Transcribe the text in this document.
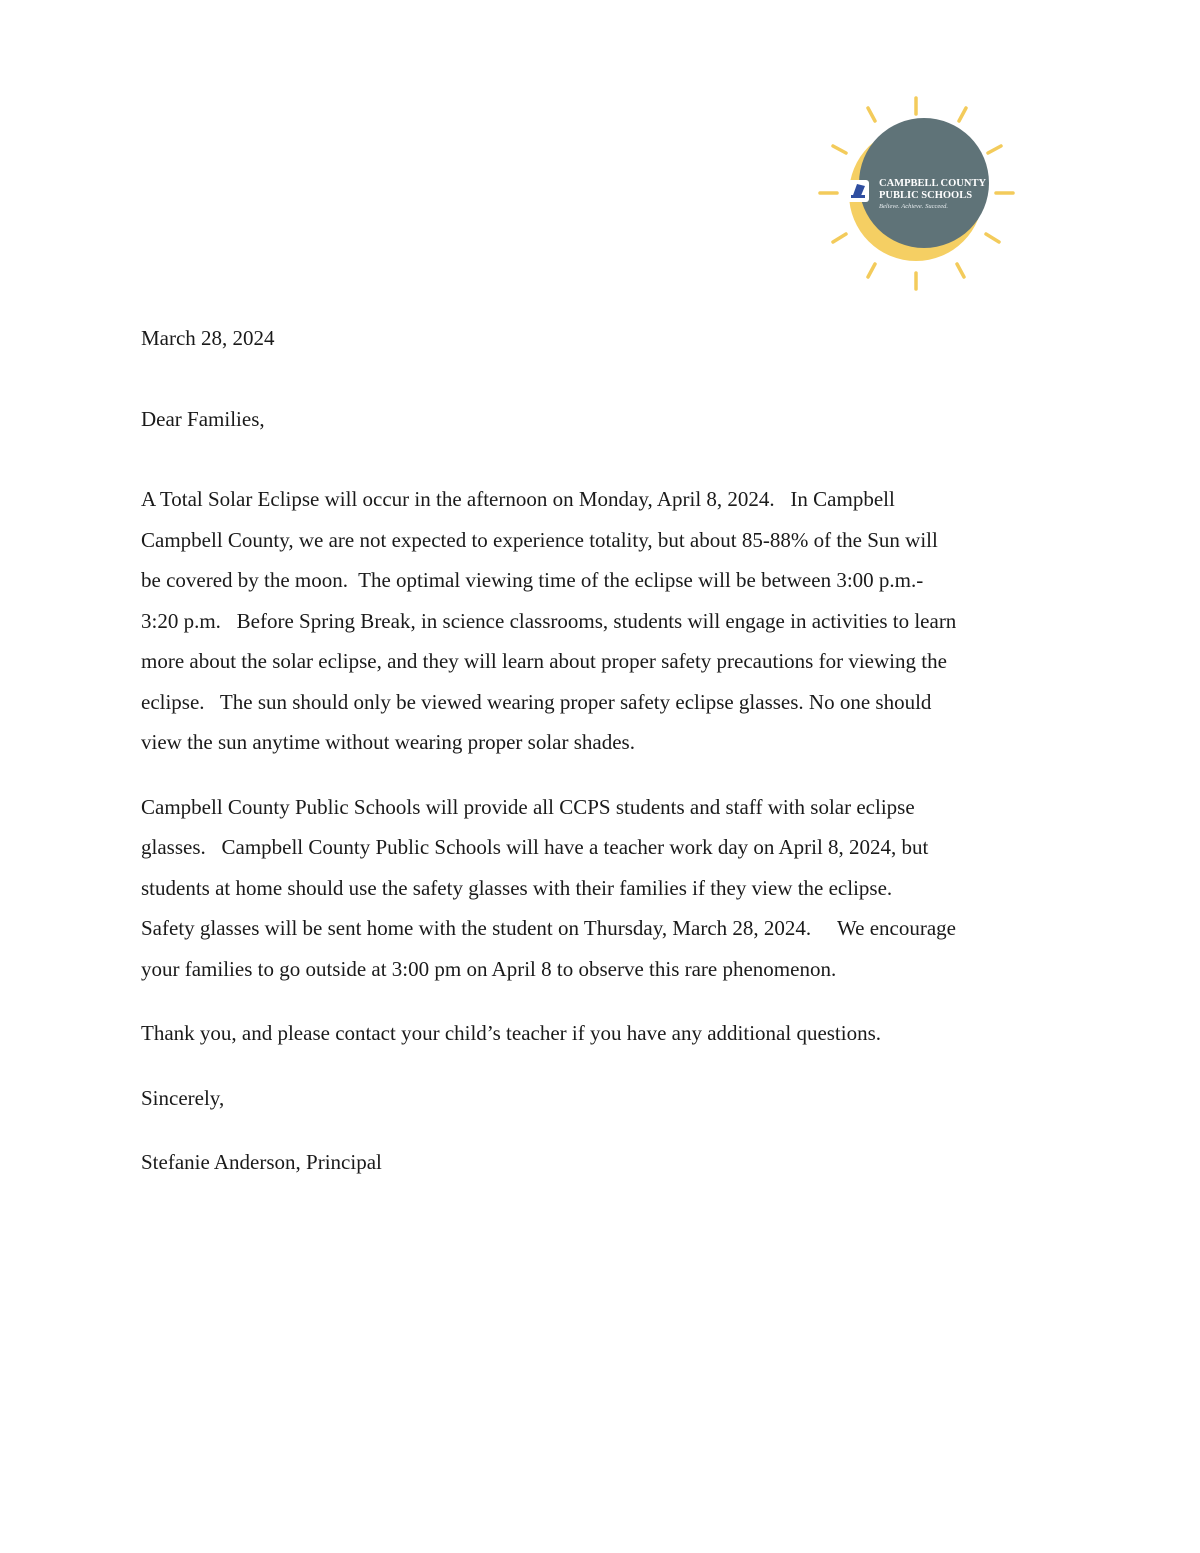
CAMPBELL COUNTY
PUBLIC SCHOOLS
Believe. Achieve. Succeed.

March 28, 2024

Dear Families,

A Total Solar Eclipse will occur in the afternoon on Monday, April 8, 2024.   In Campbell
Campbell County, we are not expected to experience totality, but about 85-88% of the Sun will
be covered by the moon.  The optimal viewing time of the eclipse will be between 3:00 p.m.-
3:20 p.m.   Before Spring Break, in science classrooms, students will engage in activities to learn
more about the solar eclipse, and they will learn about proper safety precautions for viewing the
eclipse.   The sun should only be viewed wearing proper safety eclipse glasses. No one should
view the sun anytime without wearing proper solar shades.

Campbell County Public Schools will provide all CCPS students and staff with solar eclipse
glasses.   Campbell County Public Schools will have a teacher work day on April 8, 2024, but
students at home should use the safety glasses with their families if they view the eclipse.
Safety glasses will be sent home with the student on Thursday, March 28, 2024.     We encourage
your families to go outside at 3:00 pm on April 8 to observe this rare phenomenon.

Thank you, and please contact your child’s teacher if you have any additional questions.

Sincerely,

Stefanie Anderson, Principal
